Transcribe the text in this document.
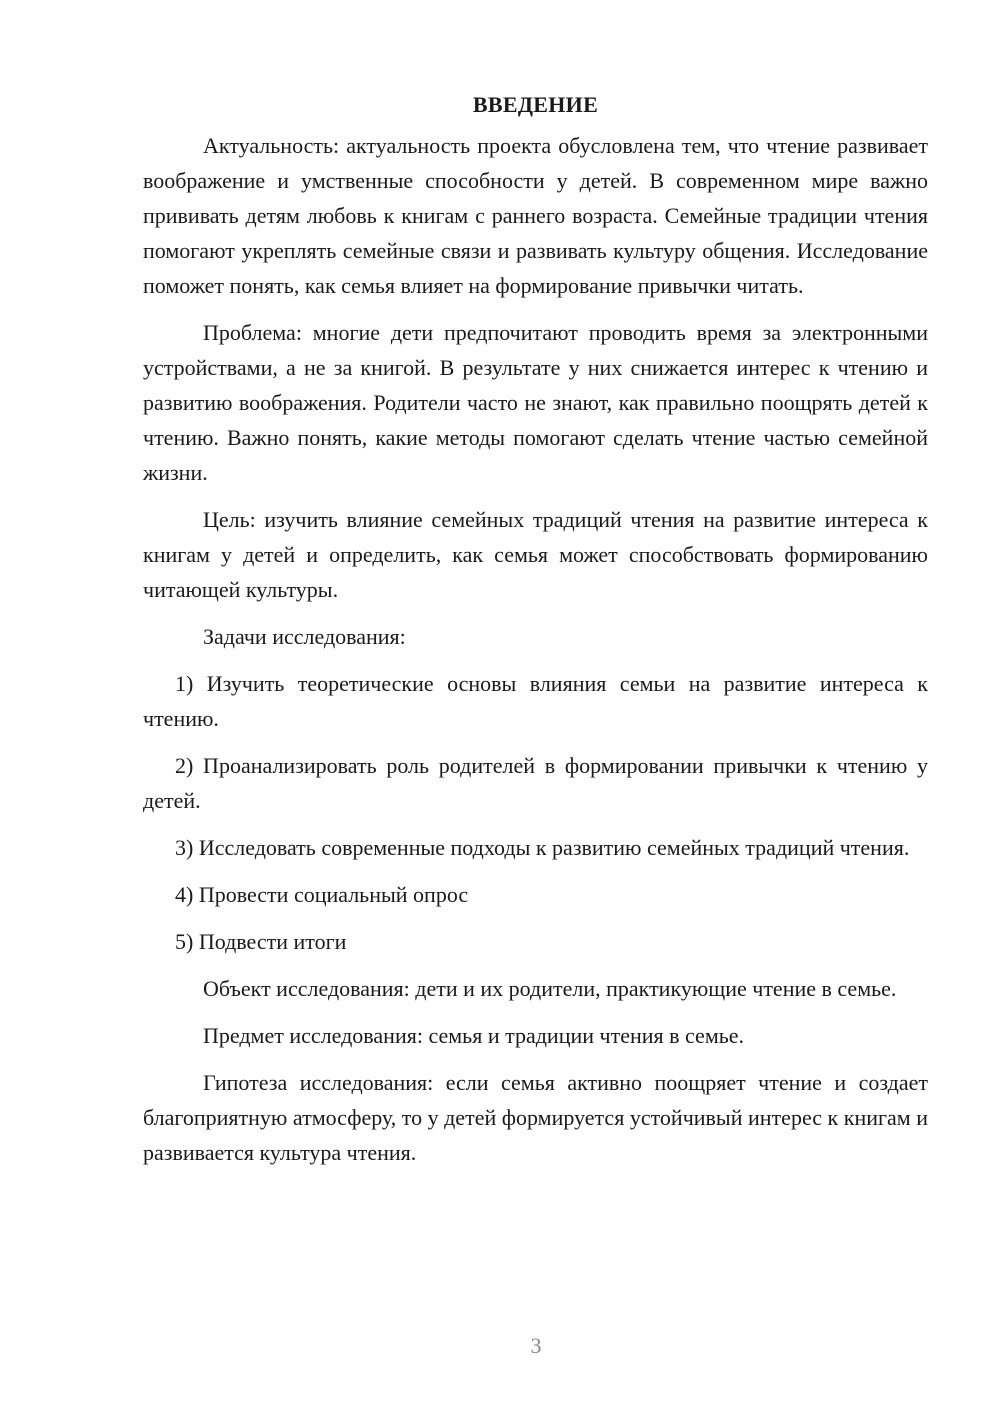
ВВЕДЕНИЕ

Актуальность: актуальность проекта обусловлена тем, что чтение развивает воображение и умственные способности у детей. В современном мире важно прививать детям любовь к книгам с раннего возраста. Семейные традиции чтения помогают укреплять семейные связи и развивать культуру общения. Исследование поможет понять, как семья влияет на формирование привычки читать.

Проблема: многие дети предпочитают проводить время за электронными устройствами, а не за книгой. В результате у них снижается интерес к чтению и развитию воображения. Родители часто не знают, как правильно поощрять детей к чтению. Важно понять, какие методы помогают сделать чтение частью семейной жизни.

Цель: изучить влияние семейных традиций чтения на развитие интереса к книгам у детей и определить, как семья может способствовать формированию читающей культуры.

Задачи исследования:

1) Изучить теоретические основы влияния семьи на развитие интереса к чтению.

2) Проанализировать роль родителей в формировании привычки к чтению у детей.

3) Исследовать современные подходы к развитию семейных традиций чтения.

4) Провести социальный опрос

5) Подвести итоги

Объект исследования: дети и их родители, практикующие чтение в семье.

Предмет исследования: семья и традиции чтения в семье.

Гипотеза исследования: если семья активно поощряет чтение и создает благоприятную атмосферу, то у детей формируется устойчивый интерес к книгам и развивается культура чтения.

3
